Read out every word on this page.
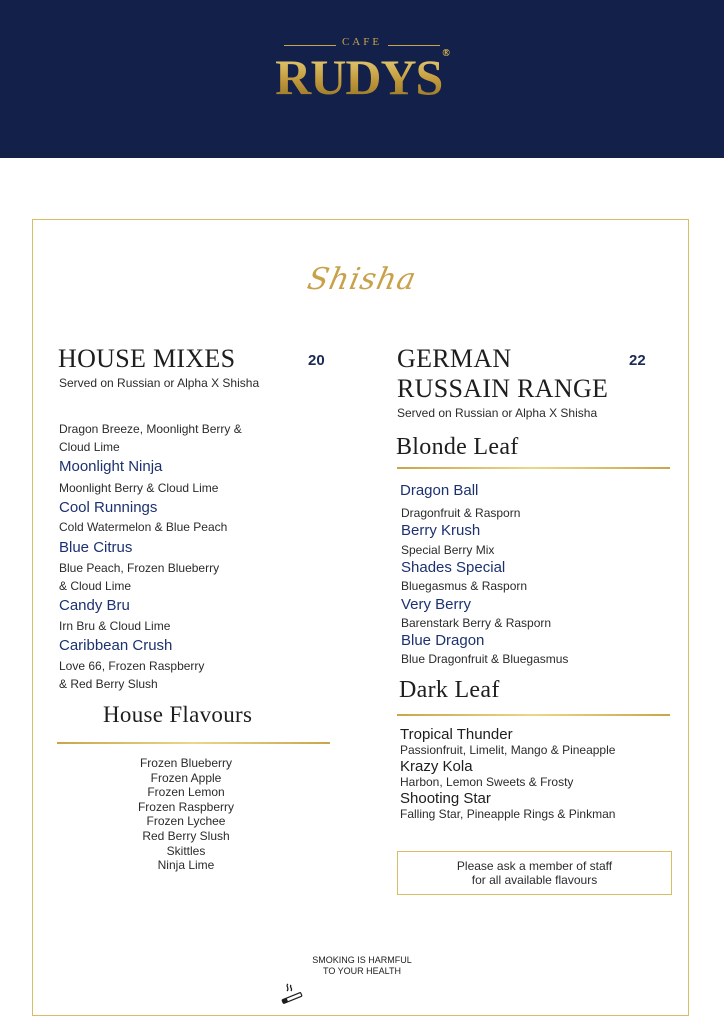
CAFE
RUDYS®
Shisha
HOUSE MIXES	20
Served on Russian or Alpha X Shisha
Dragon Breeze, Moonlight Berry &
Cloud Lime
Moonlight Ninja
Moonlight Berry & Cloud Lime
Cool Runnings
Cold Watermelon & Blue Peach
Blue Citrus
Blue Peach, Frozen Blueberry
& Cloud Lime
Candy Bru
Irn Bru & Cloud Lime
Caribbean Crush
Love 66, Frozen Raspberry
& Red Berry Slush
House Flavours
Frozen Blueberry
Frozen Apple
Frozen Lemon
Frozen Raspberry
Frozen Lychee
Red Berry Slush
Skittles
Ninja Lime
GERMAN
RUSSAIN RANGE
22
Served on Russian or Alpha X Shisha
Blonde Leaf
Dragon Ball
Dragonfruit & Rasporn
Berry Krush
Special Berry Mix
Shades Special
Bluegasmus & Rasporn
Very Berry
Barenstark Berry & Rasporn
Blue Dragon
Blue Dragonfruit & Bluegasmus
Dark Leaf
Tropical Thunder
Passionfruit, Limelit, Mango & Pineapple
Krazy Kola
Harbon, Lemon Sweets & Frosty
Shooting Star
Falling Star, Pineapple Rings & Pinkman
Please ask a member of staff
for all available flavours
SMOKING IS HARMFUL
TO YOUR HEALTH
